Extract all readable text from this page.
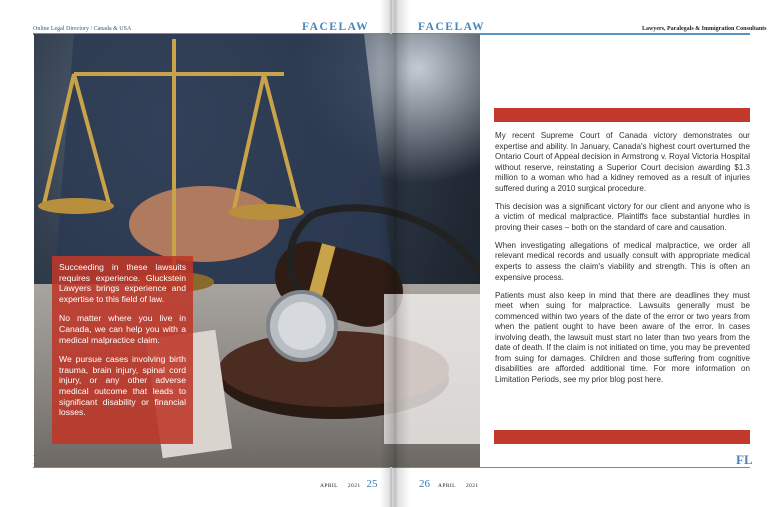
Online Legal Directory / Canada & USA	FACELAW
APRIL 2021 25
FACELAW	Lawyers, Paralegals & Immigration Consultants
26 APRIL 2021
FL

Succeeding in these lawsuits requires experience. Gluckstein Lawyers brings experience and expertise to this field of law.

No matter where you live in Canada, we can help you with a medical malpractice claim.

We pursue cases involving birth trauma, brain injury, spinal cord injury, or any other adverse medical outcome that leads to significant disability or financial losses.

My recent Supreme Court of Canada victory demonstrates our expertise and ability. In January, Canada's highest court overturned the Ontario Court of Appeal decision in Armstrong v. Royal Victoria Hospital without reserve, reinstating a Superior Court decision awarding $1.3 million to a woman who had a kidney removed as a result of injuries suffered during a 2010 surgical procedure.

This decision was a significant victory for our client and anyone who is a victim of medical malpractice. Plaintiffs face substantial hurdles in proving their cases – both on the standard of care and causation.

When investigating allegations of medical malpractice, we order all relevant medical records and usually consult with appropriate medical experts to assess the claim's viability and strength. This is often an expensive process.

Patients must also keep in mind that there are deadlines they must meet when suing for malpractice. Lawsuits generally must be commenced within two years of the date of the error or two years from when the patient ought to have been aware of the error. In cases involving death, the lawsuit must start no later than two years from the date of death. If the claim is not initiated on time, you may be prevented from suing for damages. Children and those suffering from cognitive disabilities are afforded additional time. For more information on Limitation Periods, see my prior blog post here.
